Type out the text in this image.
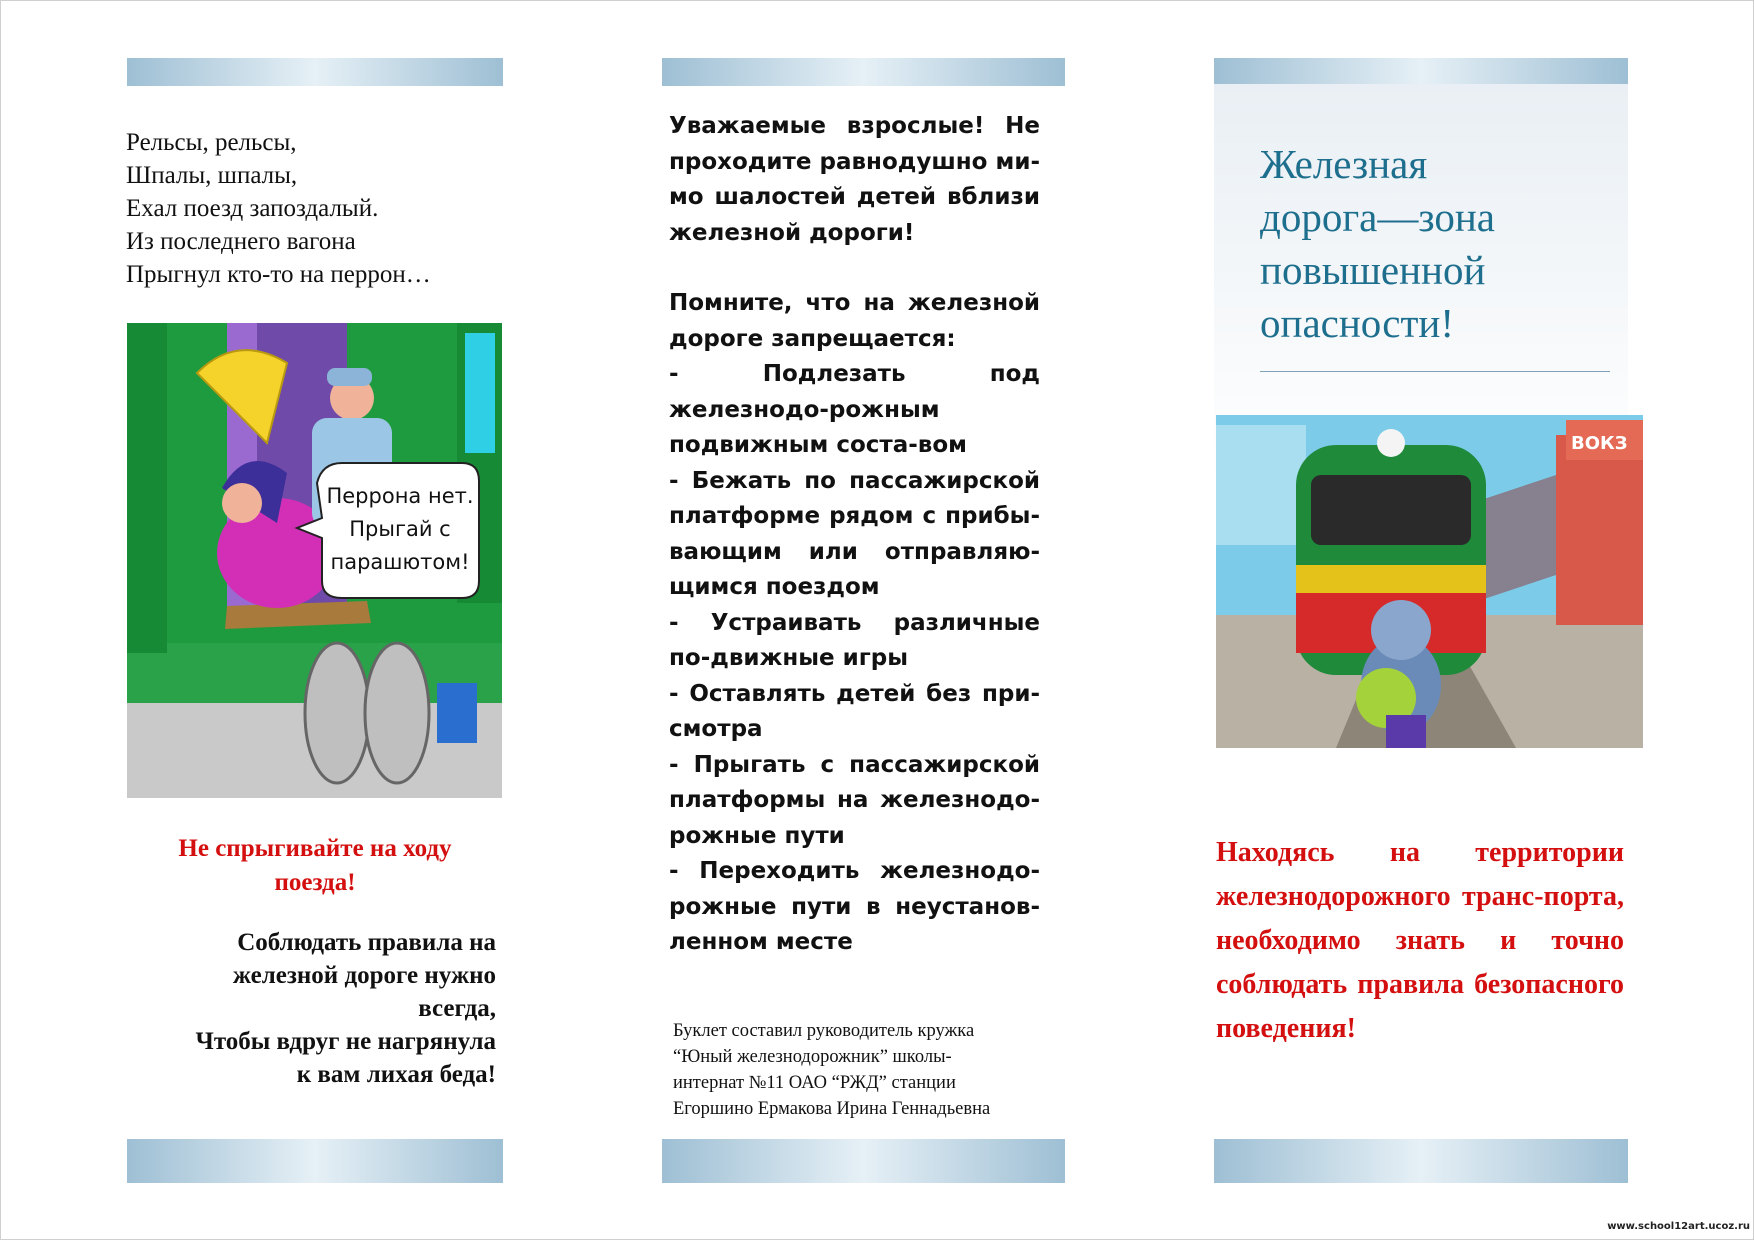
Рельсы, рельсы,
Шпалы, шпалы,
Ехал поезд запоздалый.
Из последнего вагона
Прыгнул кто-то на перрон…
Перрона нет.
Прыгай с
парашютом!
Не спрыгивайте на ходу
поезда!
Соблюдать правила на
железной дороге нужно
всегда,
Чтобы вдруг не нагрянула
к вам лихая беда!

Уважаемые взрослые! Не проходите равнодушно ми-мо шалостей детей вблизи железной дороги!

Помните, что на железной дороге запрещается:

- Подлезать под железнодо-рожным подвижным соста-вом

- Бежать по пассажирской платформе рядом с прибы-вающим или отправляю-щимся поездом

- Устраивать различные по-движные игры

- Оставлять детей без при-смотра

- Прыгать с пассажирской платформы на железнодо-рожные пути

- Переходить железнодо-рожные пути в неустанов-ленном месте

Буклет составил руководитель кружка
“Юный железнодорожник” школы-
интернат №11 ОАО “РЖД” станции
Егоршино Ермакова Ирина Геннадьевна
Железная
дорога—зона
повышенной
опасности!
ВОКЗ
Находясь на территории железнодорожного транс-порта, необходимо знать и точно соблюдать правила безопасного поведения!
www.school12art.ucoz.ru
